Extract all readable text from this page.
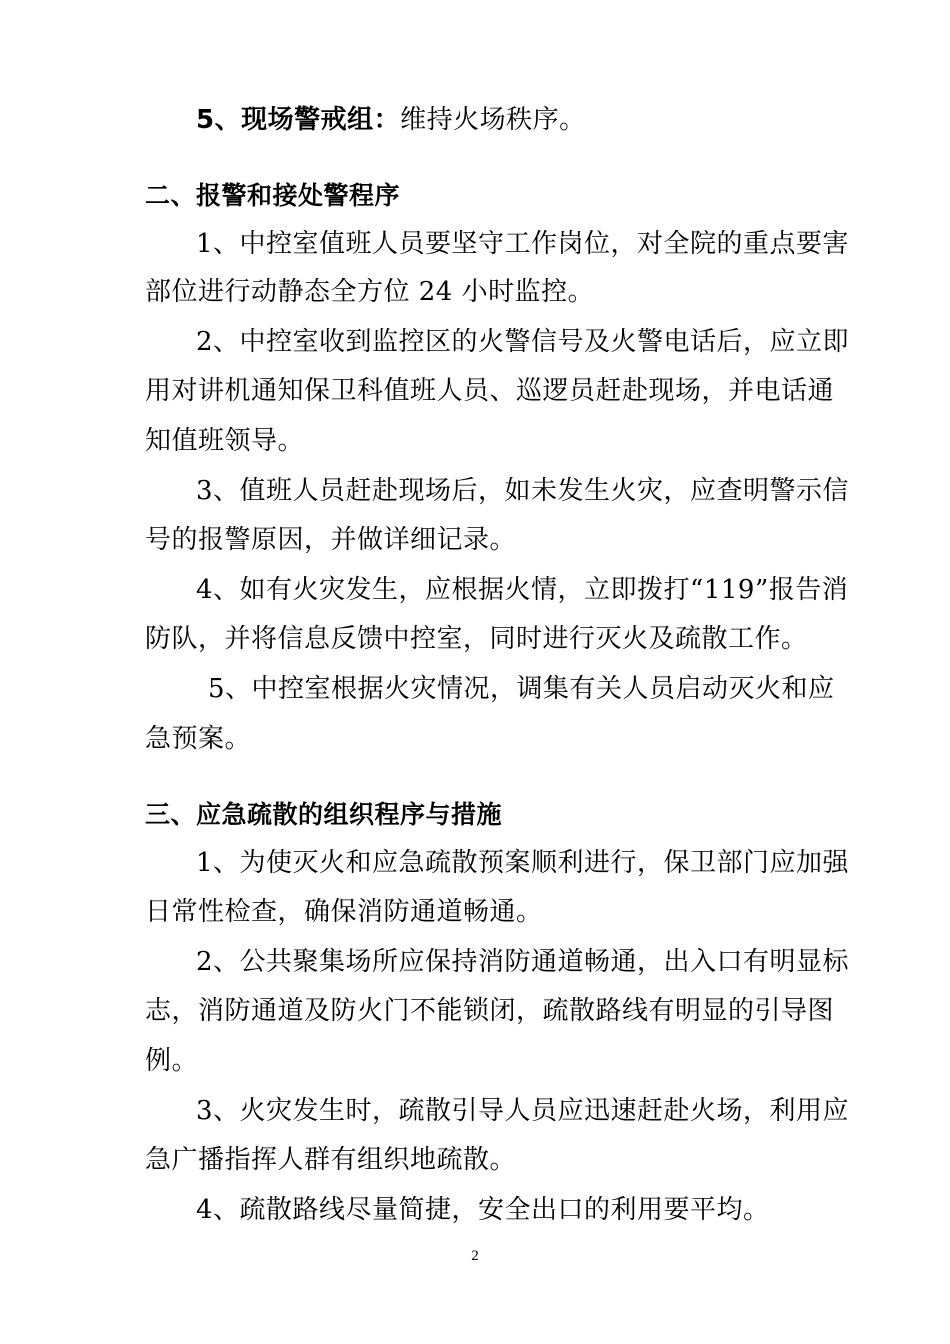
5、现场警戒组：维持火场秩序。
二、报警和接处警程序
1、中控室值班人员要坚守工作岗位，对全院的重点要害
部位进行动静态全方位 24 小时监控。
2、中控室收到监控区的火警信号及火警电话后，应立即
用对讲机通知保卫科值班人员、巡逻员赶赴现场，并电话通
知值班领导。
3、值班人员赶赴现场后，如未发生火灾，应查明警示信
号的报警原因，并做详细记录。
4、如有火灾发生，应根据火情，立即拨打“119”报告消
防队，并将信息反馈中控室，同时进行灭火及疏散工作。
5、中控室根据火灾情况，调集有关人员启动灭火和应
急预案。
三、应急疏散的组织程序与措施
1、为使灭火和应急疏散预案顺利进行，保卫部门应加强
日常性检查，确保消防通道畅通。
2、公共聚集场所应保持消防通道畅通，出入口有明显标
志，消防通道及防火门不能锁闭，疏散路线有明显的引导图
例。
3、火灾发生时，疏散引导人员应迅速赶赴火场，利用应
急广播指挥人群有组织地疏散。
4、疏散路线尽量简捷，安全出口的利用要平均。
2
